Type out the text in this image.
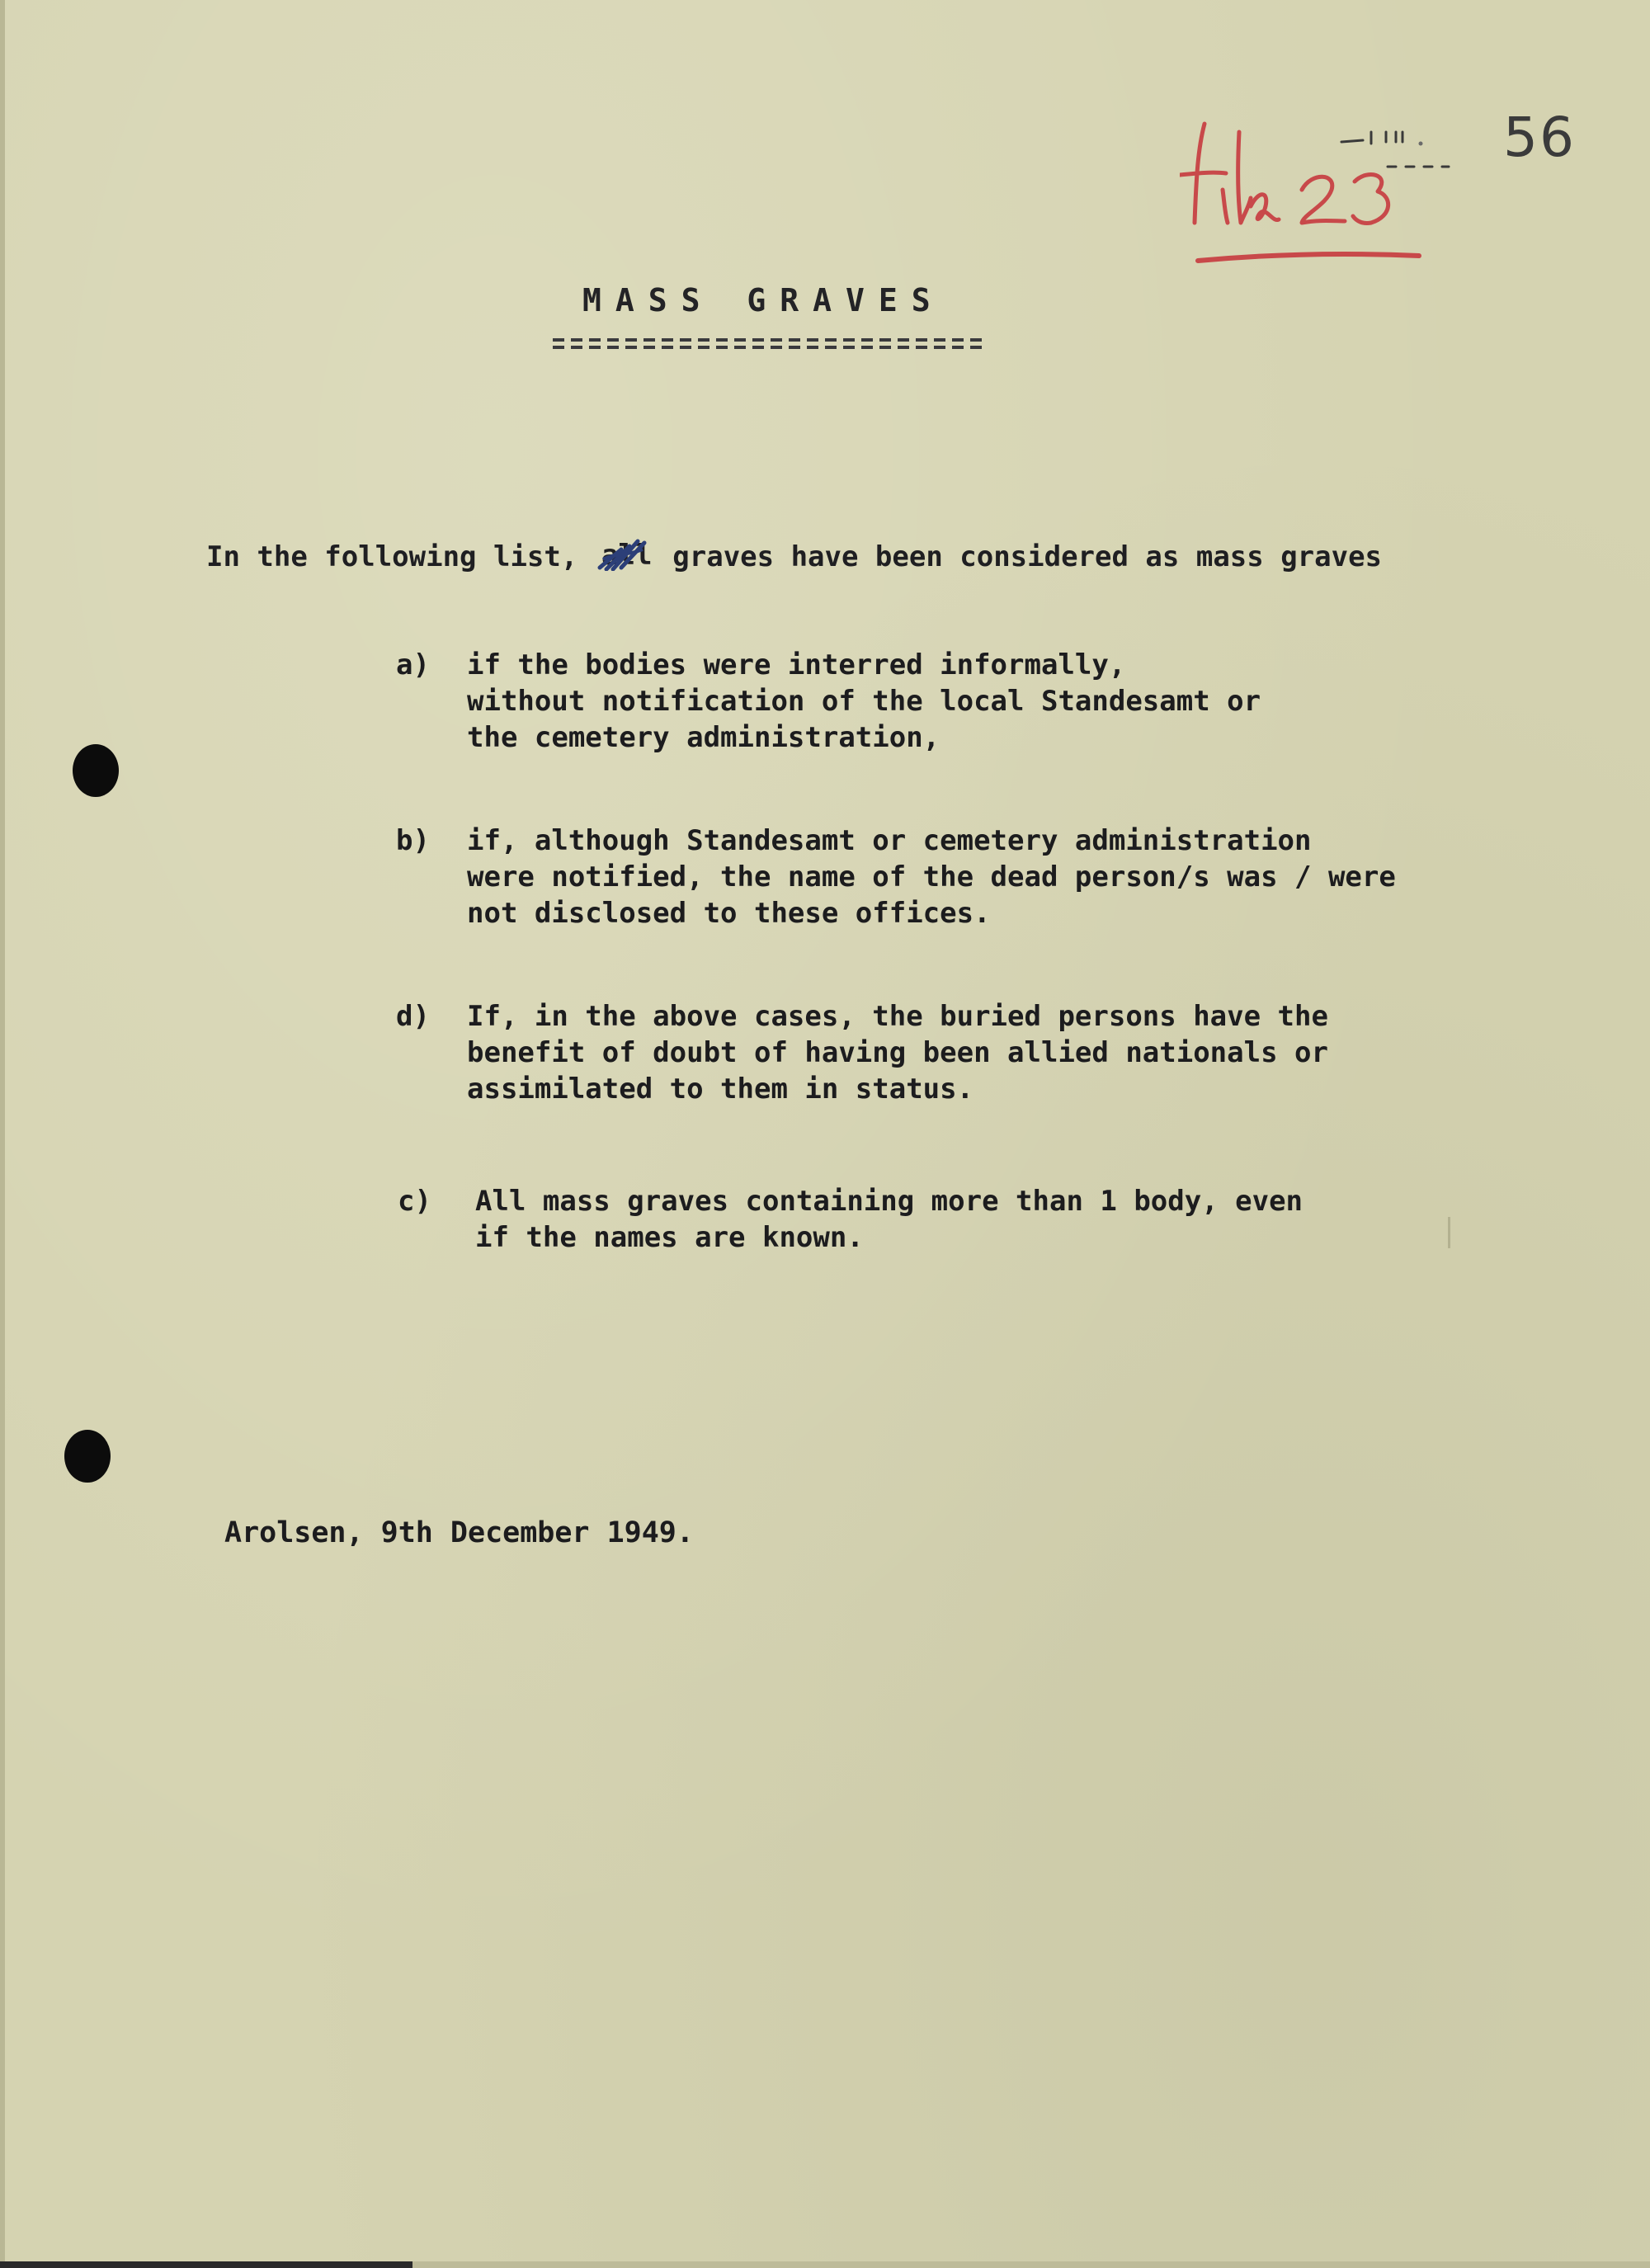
56
MASS GRAVES
In the following list, all graves have been considered as mass graves
a) if the bodies were interred informally,
without notification of the local Standesamt or
the cemetery administration,
b) if, although Standesamt or cemetery administration
were notified, the name of the dead person/s was / were
not disclosed to these offices.
d) If, in the above cases, the buried persons have the
benefit of doubt of having been allied nationals or
assimilated to them in status.
c) All mass graves containing more than 1 body, even
if the names are known.
Arolsen, 9th December 1949.
